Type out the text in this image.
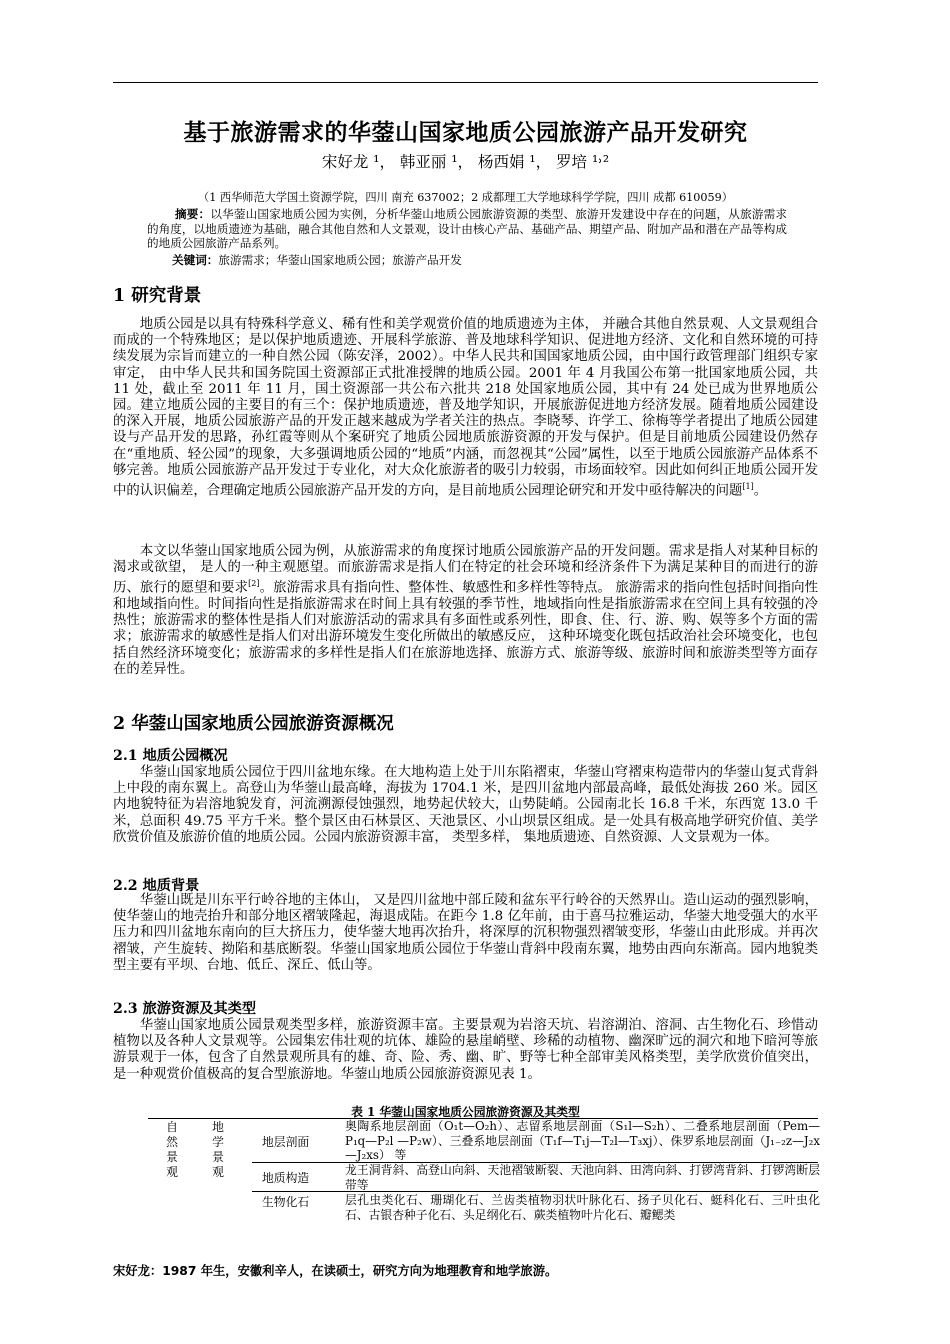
基于旅游需求的华蓥山国家地质公园旅游产品开发研究
宋好龙 ¹， 韩亚丽 ¹， 杨西娟 ¹， 罗培 ¹˒²
（1 西华师范大学国土资源学院，四川 南充 637002；2 成都理工大学地球科学学院，四川 成都 610059）
摘要：以华蓥山国家地质公园为实例，分析华蓥山地质公园旅游资源的类型、旅游开发建设中存在的问题，从旅游需求的角度，以地质遗迹为基础，融合其他自然和人文景观，设计由核心产品、基础产品、期望产品、附加产品和潜在产品等构成的地质公园旅游产品系列。
关键词：旅游需求；华蓥山国家地质公园；旅游产品开发
1 研究背景

地质公园是以具有特殊科学意义、稀有性和美学观赏价值的地质遗迹为主体， 并融合其他自然景观、人文景观组合而成的一个特殊地区；是以保护地质遗迹、开展科学旅游、普及地球科学知识、促进地方经济、文化和自然环境的可持续发展为宗旨而建立的一种自然公园（陈安泽，2002）。中华人民共和国国家地质公园，由中国行政管理部门组织专家审定， 由中华人民共和国务院国土资源部正式批准授牌的地质公园。2001 年 4 月我国公布第一批国家地质公园，共 11 处，截止至 2011 年 11 月，国土资源部一共公布六批共 218 处国家地质公园，其中有 24 处已成为世界地质公园。建立地质公园的主要目的有三个：保护地质遗迹，普及地学知识，开展旅游促进地方经济发展。随着地质公园建设的深入开展，地质公园旅游产品的开发正越来越成为学者关注的热点。李晓琴、许学工、徐梅等学者提出了地质公园建设与产品开发的思路，孙红霞等则从个案研究了地质公园地质旅游资源的开发与保护。但是目前地质公园建设仍然存在“重地质、轻公园”的现象，大多强调地质公园的“地质”内涵，而忽视其“公园”属性，以至于地质公园旅游产品体系不够完善。地质公园旅游产品开发过于专业化，对大众化旅游者的吸引力较弱，市场面较窄。因此如何纠正地质公园开发中的认识偏差，合理确定地质公园旅游产品开发的方向，是目前地质公园理论研究和开发中亟待解决的问题[1]。

本文以华蓥山国家地质公园为例，从旅游需求的角度探讨地质公园旅游产品的开发问题。需求是指人对某种目标的渴求或欲望， 是人的一种主观愿望。而旅游需求是指人们在特定的社会环境和经济条件下为满足某种目的而进行的游历、旅行的愿望和要求[2]。旅游需求具有指向性、整体性、敏感性和多样性等特点。 旅游需求的指向性包括时间指向性和地域指向性。时间指向性是指旅游需求在时间上具有较强的季节性，地域指向性是指旅游需求在空间上具有较强的冷热性；旅游需求的整体性是指人们对旅游活动的需求具有多面性或系列性，即食、住、行、游、购、娱等多个方面的需求；旅游需求的敏感性是指人们对出游环境发生变化所做出的敏感反应， 这种环境变化既包括政治社会环境变化，也包括自然经济环境变化；旅游需求的多样性是指人们在旅游地选择、旅游方式、旅游等级、旅游时间和旅游类型等方面存在的差异性。

2 华蓥山国家地质公园旅游资源概况
2.1 地质公园概况

华蓥山国家地质公园位于四川盆地东缘。在大地构造上处于川东陷褶束，华蓥山穹褶束构造带内的华蓥山复式背斜上中段的南东翼上。高登山为华蓥山最高峰，海拔为 1704.1 米，是四川盆地内部最高峰，最低处海拔 260 米。园区内地貌特征为岩溶地貌发育，河流溯源侵蚀强烈，地势起伏较大，山势陡峭。公园南北长 16.8 千米，东西宽 13.0 千米，总面积 49.75 平方千米。整个景区由石林景区、天池景区、小山坝景区组成。是一处具有极高地学研究价值、美学欣赏价值及旅游价值的地质公园。公园内旅游资源丰富， 类型多样， 集地质遗迹、自然资源、人文景观为一体。

2.2 地质背景

华蓥山既是川东平行岭谷地的主体山， 又是四川盆地中部丘陵和盆东平行岭谷的天然界山。造山运动的强烈影响，使华蓥山的地壳抬升和部分地区褶皱隆起，海退成陆。在距今 1.8 亿年前，由于喜马拉雅运动，华蓥大地受强大的水平压力和四川盆地东南向的巨大挤压力，使华蓥大地再次抬升，将深厚的沉积物强烈褶皱变形，华蓥山由此形成。并再次褶皱，产生旋转、拗陷和基底断裂。华蓥山国家地质公园位于华蓥山背斜中段南东翼，地势由西向东渐高。园内地貌类型主要有平坝、台地、低丘、深丘、低山等。

2.3 旅游资源及其类型

华蓥山国家地质公园景观类型多样，旅游资源丰富。主要景观为岩溶天坑、岩溶湖泊、溶洞、古生物化石、珍惜动植物以及各种人文景观等。公园集宏伟壮观的坑体、雄险的悬崖峭壁、珍稀的动植物、幽深旷远的洞穴和地下暗河等旅游景观于一体，包含了自然景观所具有的雄、奇、险、秀、幽、旷、野等七种全部审美风格类型，美学欣赏价值突出，是一种观赏价值极高的复合型旅游地。华蓥山地质公园旅游资源见表 1。

表 1 华蓥山国家地质公园旅游资源及其类型
自
然
景
观
地
学
景
观
地层剖面
奥陶系地层剖面（O₁t—O₂h）、志留系地层剖面（S₁l—S₂h）、二叠系地层剖面（Pem—P₁q—P₂l —P₂w）、三叠系地层剖面（T₁f—T₁j—T₂l—T₃xj）、侏罗系地层剖面（J₁₋₂z—J₂x—J₂xs） 等
地质构造
龙王洞背斜、高登山向斜、天池褶皱断裂、天池向斜、田湾向斜、打锣湾背斜、打锣湾断层带等
生物化石	层孔虫类化石、珊瑚化石、兰齿类植物羽状叶脉化石、扬子贝化石、蜓科化石、三叶虫化石、古银杏种子化石、头足纲化石、蕨类植物叶片化石、瓣鳃类
宋好龙：1987 年生，安徽利辛人，在读硕士，研究方向为地理教育和地学旅游。
